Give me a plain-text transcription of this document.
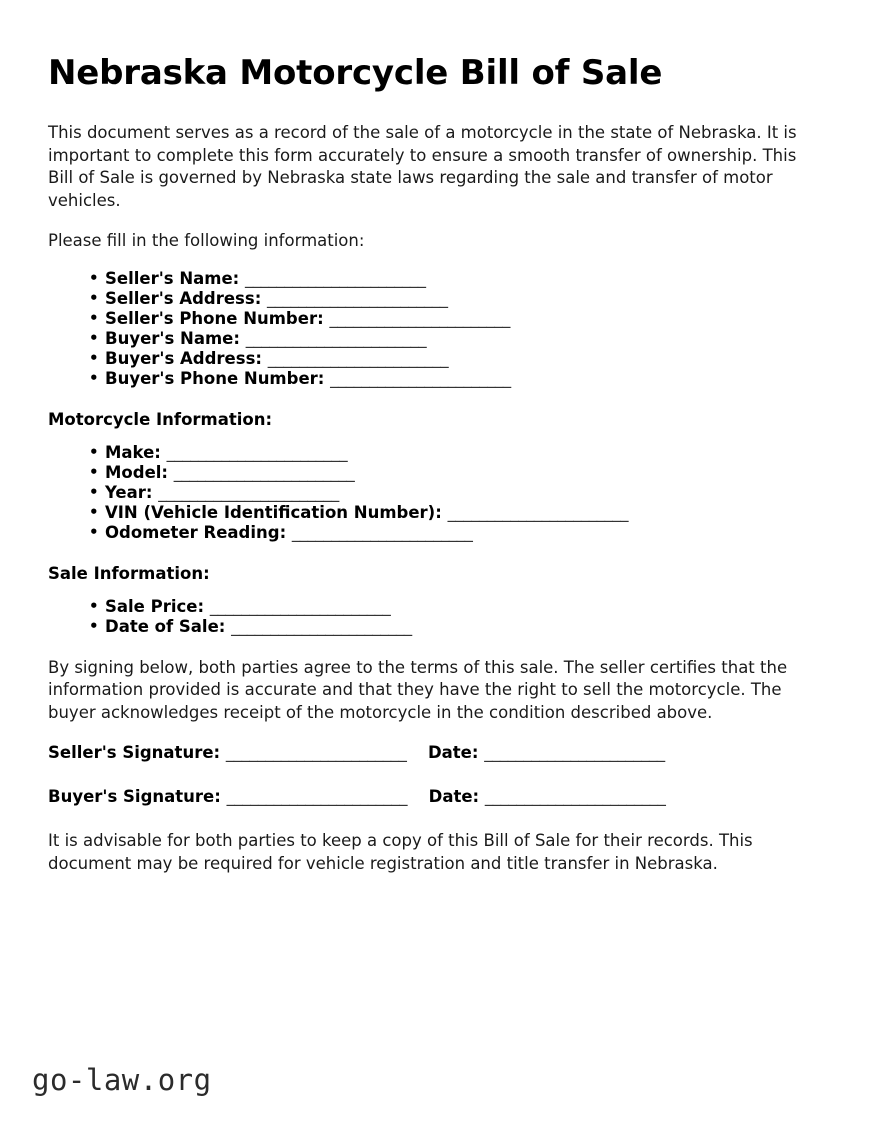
Nebraska Motorcycle Bill of Sale

This document serves as a record of the sale of a motorcycle in the state of Nebraska. It is important to complete this form accurately to ensure a smooth transfer of ownership. This Bill of Sale is governed by Nebraska state laws regarding the sale and transfer of motor vehicles.

Please fill in the following information:

• Seller's Name: _______________________
• Seller's Address: _______________________
• Seller's Phone Number: _______________________
• Buyer's Name: _______________________
• Buyer's Address: _______________________
• Buyer's Phone Number: _______________________
Motorcycle Information:
• Make: _______________________
• Model: _______________________
• Year: _______________________
• VIN (Vehicle Identification Number): _______________________
• Odometer Reading: _______________________
Sale Information:
• Sale Price: _______________________
• Date of Sale: _______________________

By signing below, both parties agree to the terms of this sale. The seller certifies that the information provided is accurate and that they have the right to sell the motorcycle. The buyer acknowledges receipt of the motorcycle in the condition described above.

Seller's Signature: _______________________ Date: _______________________
Buyer's Signature: _______________________ Date: _______________________

It is advisable for both parties to keep a copy of this Bill of Sale for their records. This document may be required for vehicle registration and title transfer in Nebraska.

go-law.org
